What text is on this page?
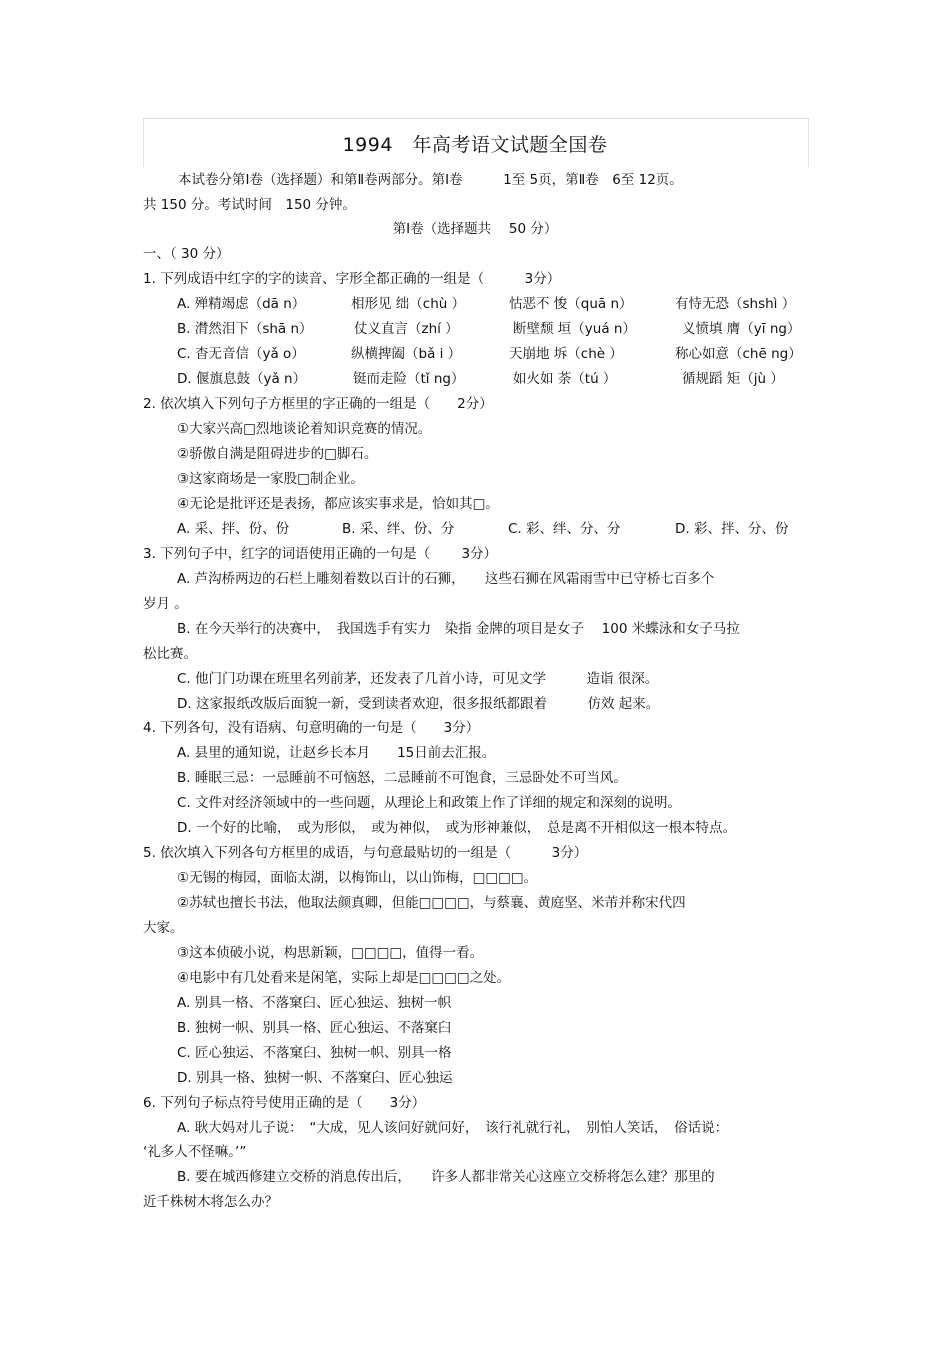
1994　年高考语文试题全国卷
本试卷分第Ⅰ卷（选择题）和第Ⅱ卷两部分。第Ⅰ卷　　　1至 5页，第Ⅱ卷　6至 12页。
共 150 分。考试时间　150 分钟。
第Ⅰ卷（选择题共　 50 分）
一、（ 30 分）
1. 下列成语中红字的字的读音、字形全都正确的一组是（　　　3分）
A. 殚精竭虑（dā n）	相形见 绌（chù ）	怙恶不 悛（quā n）	有恃无恐（shshì ）
B. 潸然泪下（shā n）	仗义直言（zhí ）	断壁颓 垣（yuá n）	义愤填 膺（yī ng）
C. 杳无音信（yǎ o）	纵横捭阖（bǎ i ）	天崩地 坼（chè ）	称心如意（chē ng）
D. 偃旗息鼓（yǎ n）	铤而走险（tǐ ng）	如火如 荼（tú ）	循规蹈 矩（jù ）
2. 依次填入下列句子方框里的字正确的一组是（　　2分）
①大家兴高□烈地谈论着知识竞赛的情况。
②骄傲自满是阻碍进步的□脚石。
③这家商场是一家股□制企业。
④无论是批评还是表扬，都应该实事求是，恰如其□。
A. 采、拌、份、份	B. 采、绊、份、分	C. 彩、绊、分、分	D. 彩、拌、分、份
3. 下列句子中，红字的词语使用正确的一句是（　　 3分）
A. 芦沟桥两边的石栏上雕刻着数以百计的石狮，　　这些石狮在风霜雨雪中已守桥七百多个
岁月 。
B. 在今天举行的决赛中，　我国选手有实力　染指 金牌的项目是女子　 100 米蝶泳和女子马拉
松比赛。
C. 他门门功课在班里名列前茅，还发表了几首小诗，可见文学　　　造诣 很深。
D. 这家报纸改版后面貌一新，受到读者欢迎，很多报纸都跟着　　　仿效 起来。
4. 下列各句，没有语病、句意明确的一句是（　　3分）
A. 县里的通知说，让赵乡长本月　　15日前去汇报。
B. 睡眠三忌：一忌睡前不可恼怒，二忌睡前不可饱食，三忌卧处不可当风。
C. 文件对经济领域中的一些问题，从理论上和政策上作了详细的规定和深刻的说明。
D. 一个好的比喻，　或为形似，　或为神似，　或为形神兼似，　总是离不开相似这一根本特点。
5. 依次填入下列各句方框里的成语，与句意最贴切的一组是（　　　3分）
①无锡的梅园，面临太湖，以梅饰山，以山饰梅，□□□□。
②苏轼也擅长书法，他取法颜真卿，但能□□□□，与蔡襄、黄庭坚、米芾并称宋代四
大家。
③这本侦破小说，构思新颖，□□□□，值得一看。
④电影中有几处看来是闲笔，实际上却是□□□□之处。
A. 别具一格、不落窠臼、匠心独运、独树一帜
B. 独树一帜、别具一格、匠心独运、不落窠臼
C. 匠心独运、不落窠臼、独树一帜、别具一格
D. 别具一格、独树一帜、不落窠臼、匠心独运
6. 下列句子标点符号使用正确的是（　　3分）
A. 耿大妈对儿子说：　“大成，见人该问好就问好，　该行礼就行礼，　别怕人笑话，　俗话说：
‘礼多人不怪嘛。’”
B. 要在城西修建立交桥的消息传出后，　　许多人都非常关心这座立交桥将怎么建？那里的
近千株树木将怎么办？
